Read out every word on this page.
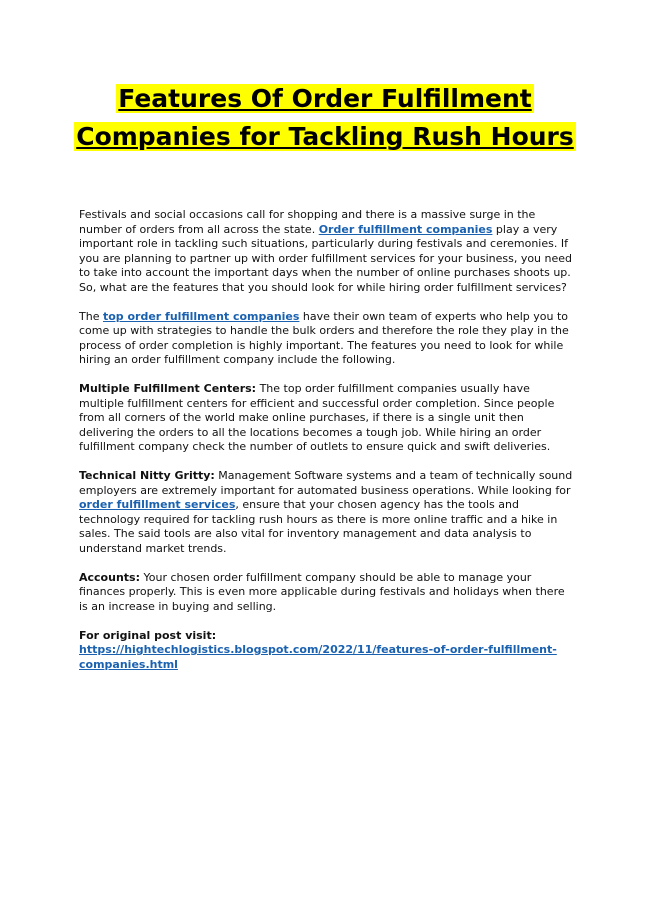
Features Of Order Fulfillment Companies for Tackling Rush Hours

Festivals and social occasions call for shopping and there is a massive surge in the number of orders from all across the state. Order fulfillment companies play a very important role in tackling such situations, particularly during festivals and ceremonies. If you are planning to partner up with order fulfillment services for your business, you need to take into account the important days when the number of online purchases shoots up. So, what are the features that you should look for while hiring order fulfillment services?

The top order fulfillment companies have their own team of experts who help you to come up with strategies to handle the bulk orders and therefore the role they play in the process of order completion is highly important. The features you need to look for while hiring an order fulfillment company include the following.

Multiple Fulfillment Centers: The top order fulfillment companies usually have multiple fulfillment centers for efficient and successful order completion. Since people from all corners of the world make online purchases, if there is a single unit then delivering the orders to all the locations becomes a tough job. While hiring an order fulfillment company check the number of outlets to ensure quick and swift deliveries.

Technical Nitty Gritty: Management Software systems and a team of technically sound employers are extremely important for automated business operations. While looking for order fulfillment services, ensure that your chosen agency has the tools and technology required for tackling rush hours as there is more online traffic and a hike in sales. The said tools are also vital for inventory management and data analysis to understand market trends.

Accounts: Your chosen order fulfillment company should be able to manage your finances properly. This is even more applicable during festivals and holidays when there is an increase in buying and selling.

For original post visit:

https://hightechlogistics.blogspot.com/2022/11/features-of-order-fulfillment-companies.html
